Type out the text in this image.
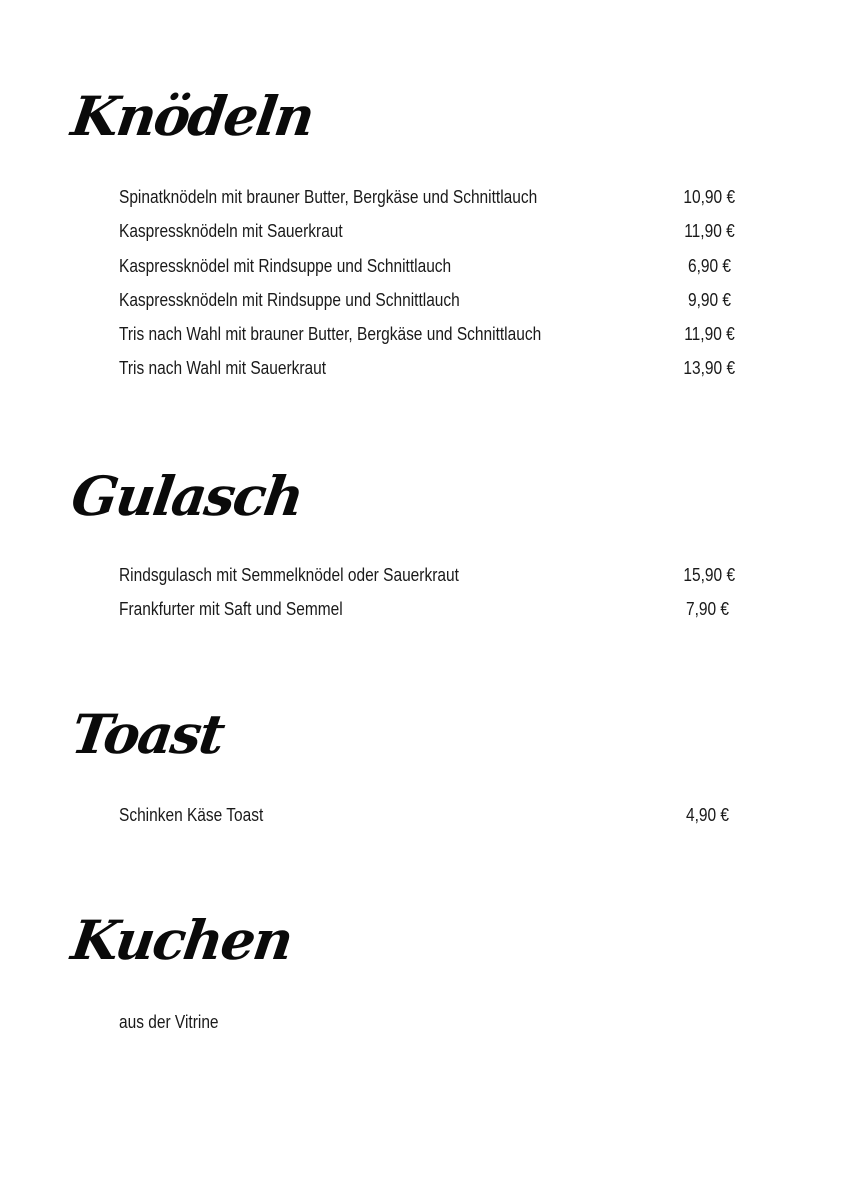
Knödeln
Spinatknödeln mit brauner Butter, Bergkäse und Schnittlauch	10,90 €
Kaspressknödeln mit Sauerkraut	11,90 €
Kaspressknödel mit Rindsuppe und Schnittlauch	6,90 €
Kaspressknödeln mit Rindsuppe und Schnittlauch	9,90 €
Tris nach Wahl mit brauner Butter, Bergkäse und Schnittlauch	11,90 €
Tris nach Wahl mit Sauerkraut	13,90 €
Gulasch
Rindsgulasch mit Semmelknödel oder Sauerkraut	15,90 €
Frankfurter mit Saft und Semmel	7,90 €
Toast
Schinken Käse Toast	4,90 €
Kuchen

aus der Vitrine
